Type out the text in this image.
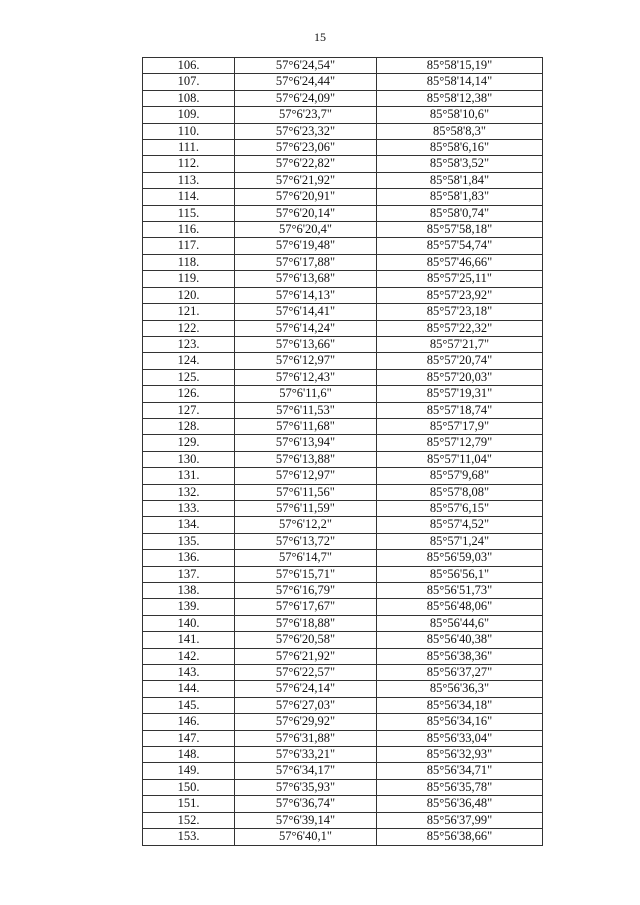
15
106.	57°6'24,54"	85°58'15,19"
107.	57°6'24,44"	85°58'14,14"
108.	57°6'24,09"	85°58'12,38"
109.	57°6'23,7"	85°58'10,6"
110.	57°6'23,32"	85°58'8,3"
111.	57°6'23,06"	85°58'6,16"
112.	57°6'22,82"	85°58'3,52"
113.	57°6'21,92"	85°58'1,84"
114.	57°6'20,91"	85°58'1,83"
115.	57°6'20,14"	85°58'0,74"
116.	57°6'20,4"	85°57'58,18"
117.	57°6'19,48"	85°57'54,74"
118.	57°6'17,88"	85°57'46,66"
119.	57°6'13,68"	85°57'25,11"
120.	57°6'14,13"	85°57'23,92"
121.	57°6'14,41"	85°57'23,18"
122.	57°6'14,24"	85°57'22,32"
123.	57°6'13,66"	85°57'21,7"
124.	57°6'12,97"	85°57'20,74"
125.	57°6'12,43"	85°57'20,03"
126.	57°6'11,6"	85°57'19,31"
127.	57°6'11,53"	85°57'18,74"
128.	57°6'11,68"	85°57'17,9"
129.	57°6'13,94"	85°57'12,79"
130.	57°6'13,88"	85°57'11,04"
131.	57°6'12,97"	85°57'9,68"
132.	57°6'11,56"	85°57'8,08"
133.	57°6'11,59"	85°57'6,15"
134.	57°6'12,2"	85°57'4,52"
135.	57°6'13,72"	85°57'1,24"
136.	57°6'14,7"	85°56'59,03"
137.	57°6'15,71"	85°56'56,1"
138.	57°6'16,79"	85°56'51,73"
139.	57°6'17,67"	85°56'48,06"
140.	57°6'18,88"	85°56'44,6"
141.	57°6'20,58"	85°56'40,38"
142.	57°6'21,92"	85°56'38,36"
143.	57°6'22,57"	85°56'37,27"
144.	57°6'24,14"	85°56'36,3"
145.	57°6'27,03"	85°56'34,18"
146.	57°6'29,92"	85°56'34,16"
147.	57°6'31,88"	85°56'33,04"
148.	57°6'33,21"	85°56'32,93"
149.	57°6'34,17"	85°56'34,71"
150.	57°6'35,93"	85°56'35,78"
151.	57°6'36,74"	85°56'36,48"
152.	57°6'39,14"	85°56'37,99"
153.	57°6'40,1"	85°56'38,66"
